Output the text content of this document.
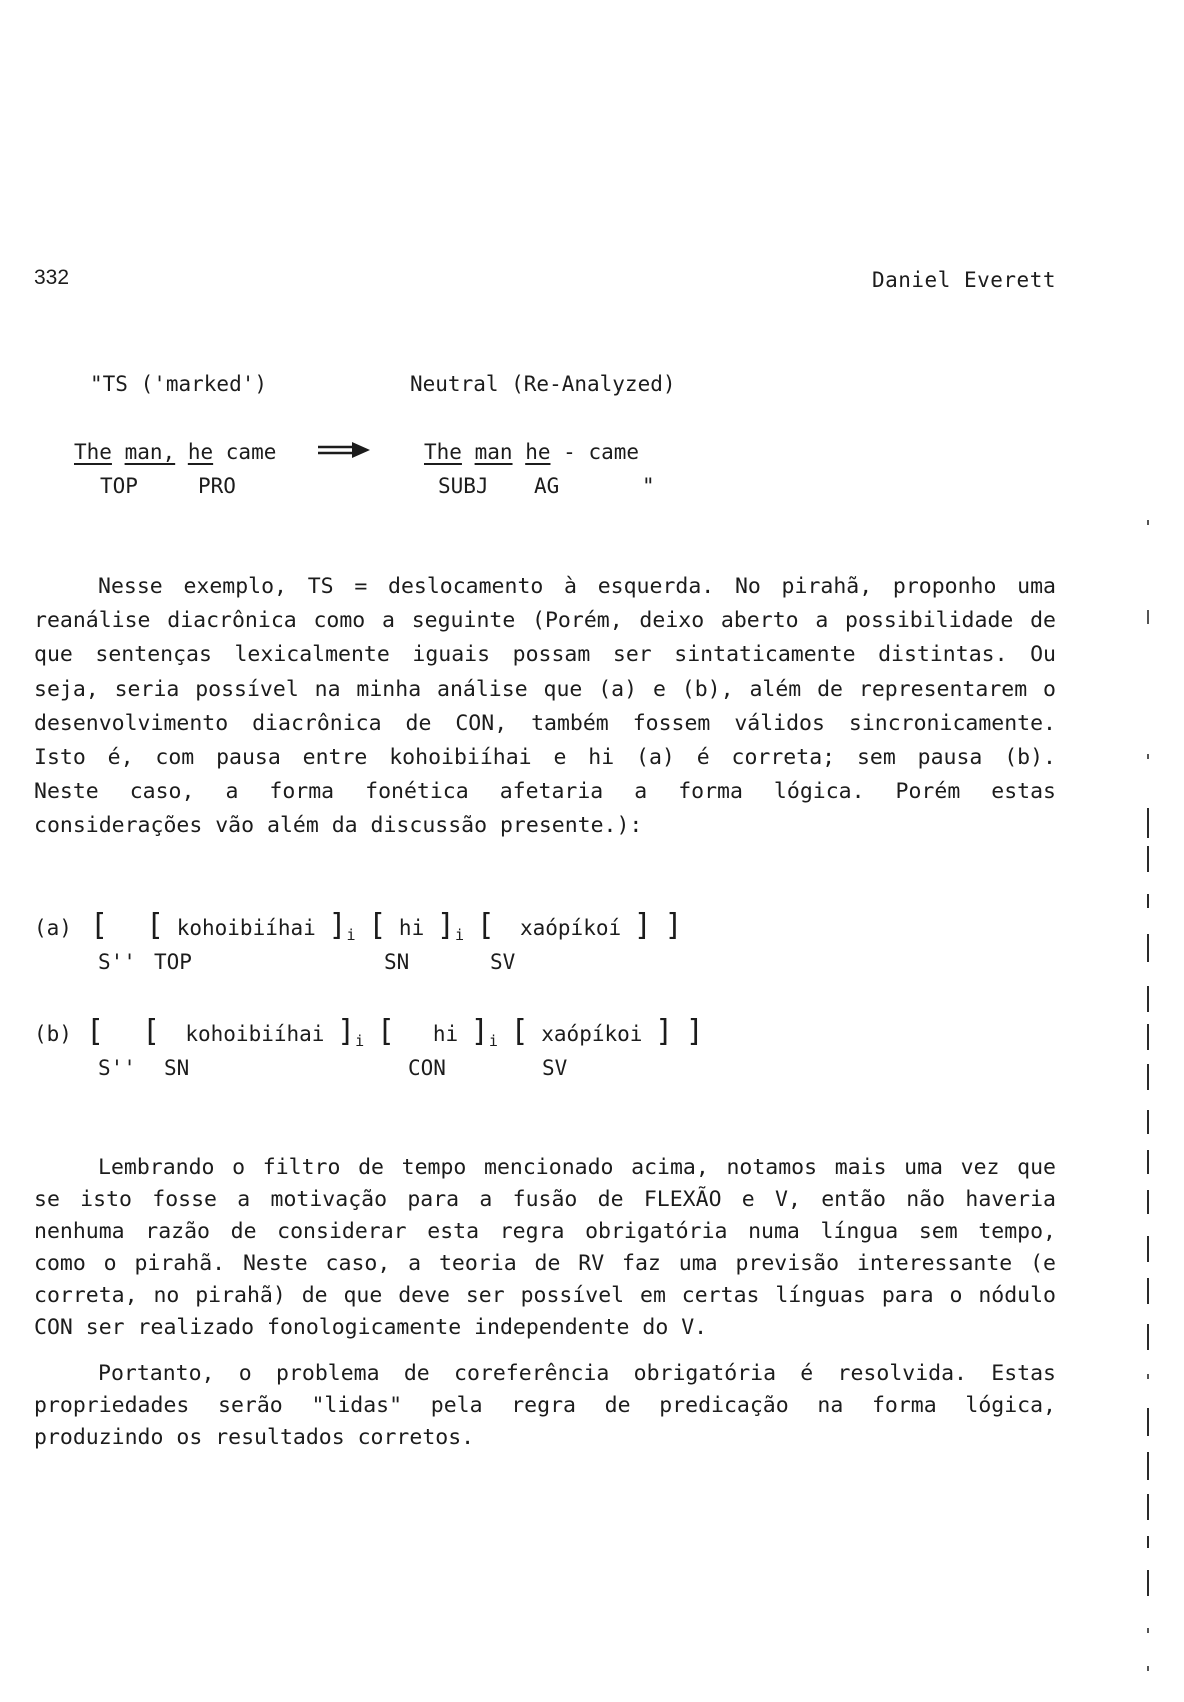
332	Daniel Everett
"TS ('marked')	Neutral (Re-Analyzed)
The man, he came
TOP	PRO
The man he - came
SUBJ AG	"
Nesse exemplo, TS = deslocamento à esquerda. No pirahã, proponho uma
reanálise diacrônica como a seguinte (Porém, deixo aberto a possibilidade de
que sentenças lexicalmente iguais possam ser sintaticamente distintas. Ou
seja, seria possível na minha análise que (a) e (b), além de representarem o
desenvolvimento diacrônica de CON, também fossem válidos sincronicamente.
Isto é, com pausa entre kohoibiíhai e hi (a) é correta; sem pausa (b).
Neste caso, a forma fonética afetaria a forma lógica. Porém estas
considerações vão além da discussão presente.):
(a) [ [ kohoibiíhai ]$_i$ [ hi ]$_i$ [ xaópíkoí ] ]
S'' TOP	SN	SV
(b) [ [ kohoibiíhai ]$_i$ [ hi ]$_i$ [ xaópíkoi ] ]
S'' SN	CON	SV
Lembrando o filtro de tempo mencionado acima, notamos mais uma vez que
se isto fosse a motivação para a fusão de FLEXÃO e V, então não haveria
nenhuma razão de considerar esta regra obrigatória numa língua sem tempo,
como o pirahã. Neste caso, a teoria de RV faz uma previsão interessante (e
correta, no pirahã) de que deve ser possível em certas línguas para o nódulo
CON ser realizado fonologicamente independente do V.
Portanto, o problema de coreferência obrigatória é resolvida. Estas
propriedades serão "lidas" pela regra de predicação na forma lógica,
produzindo os resultados corretos.
